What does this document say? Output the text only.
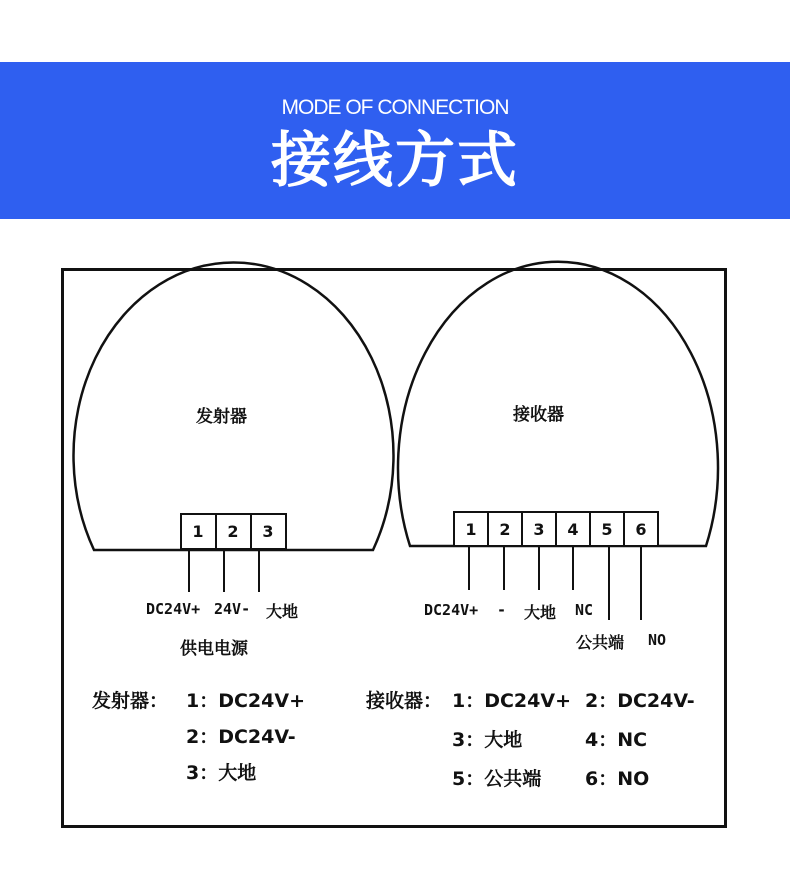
MODE OF CONNECTION
接线方式
发射器
1	2	3
DC24V+ 24V- 大地
供电电源
接收器
1	2	3	4	5	6
DC24V+ - 大地 NC
公共端 NO
发射器： 1：DC24V+
2：DC24V-
3：大地
接收器： 1：DC24V+ 2：DC24V-
3：大地	4：NC
5：公共端 6：NO
